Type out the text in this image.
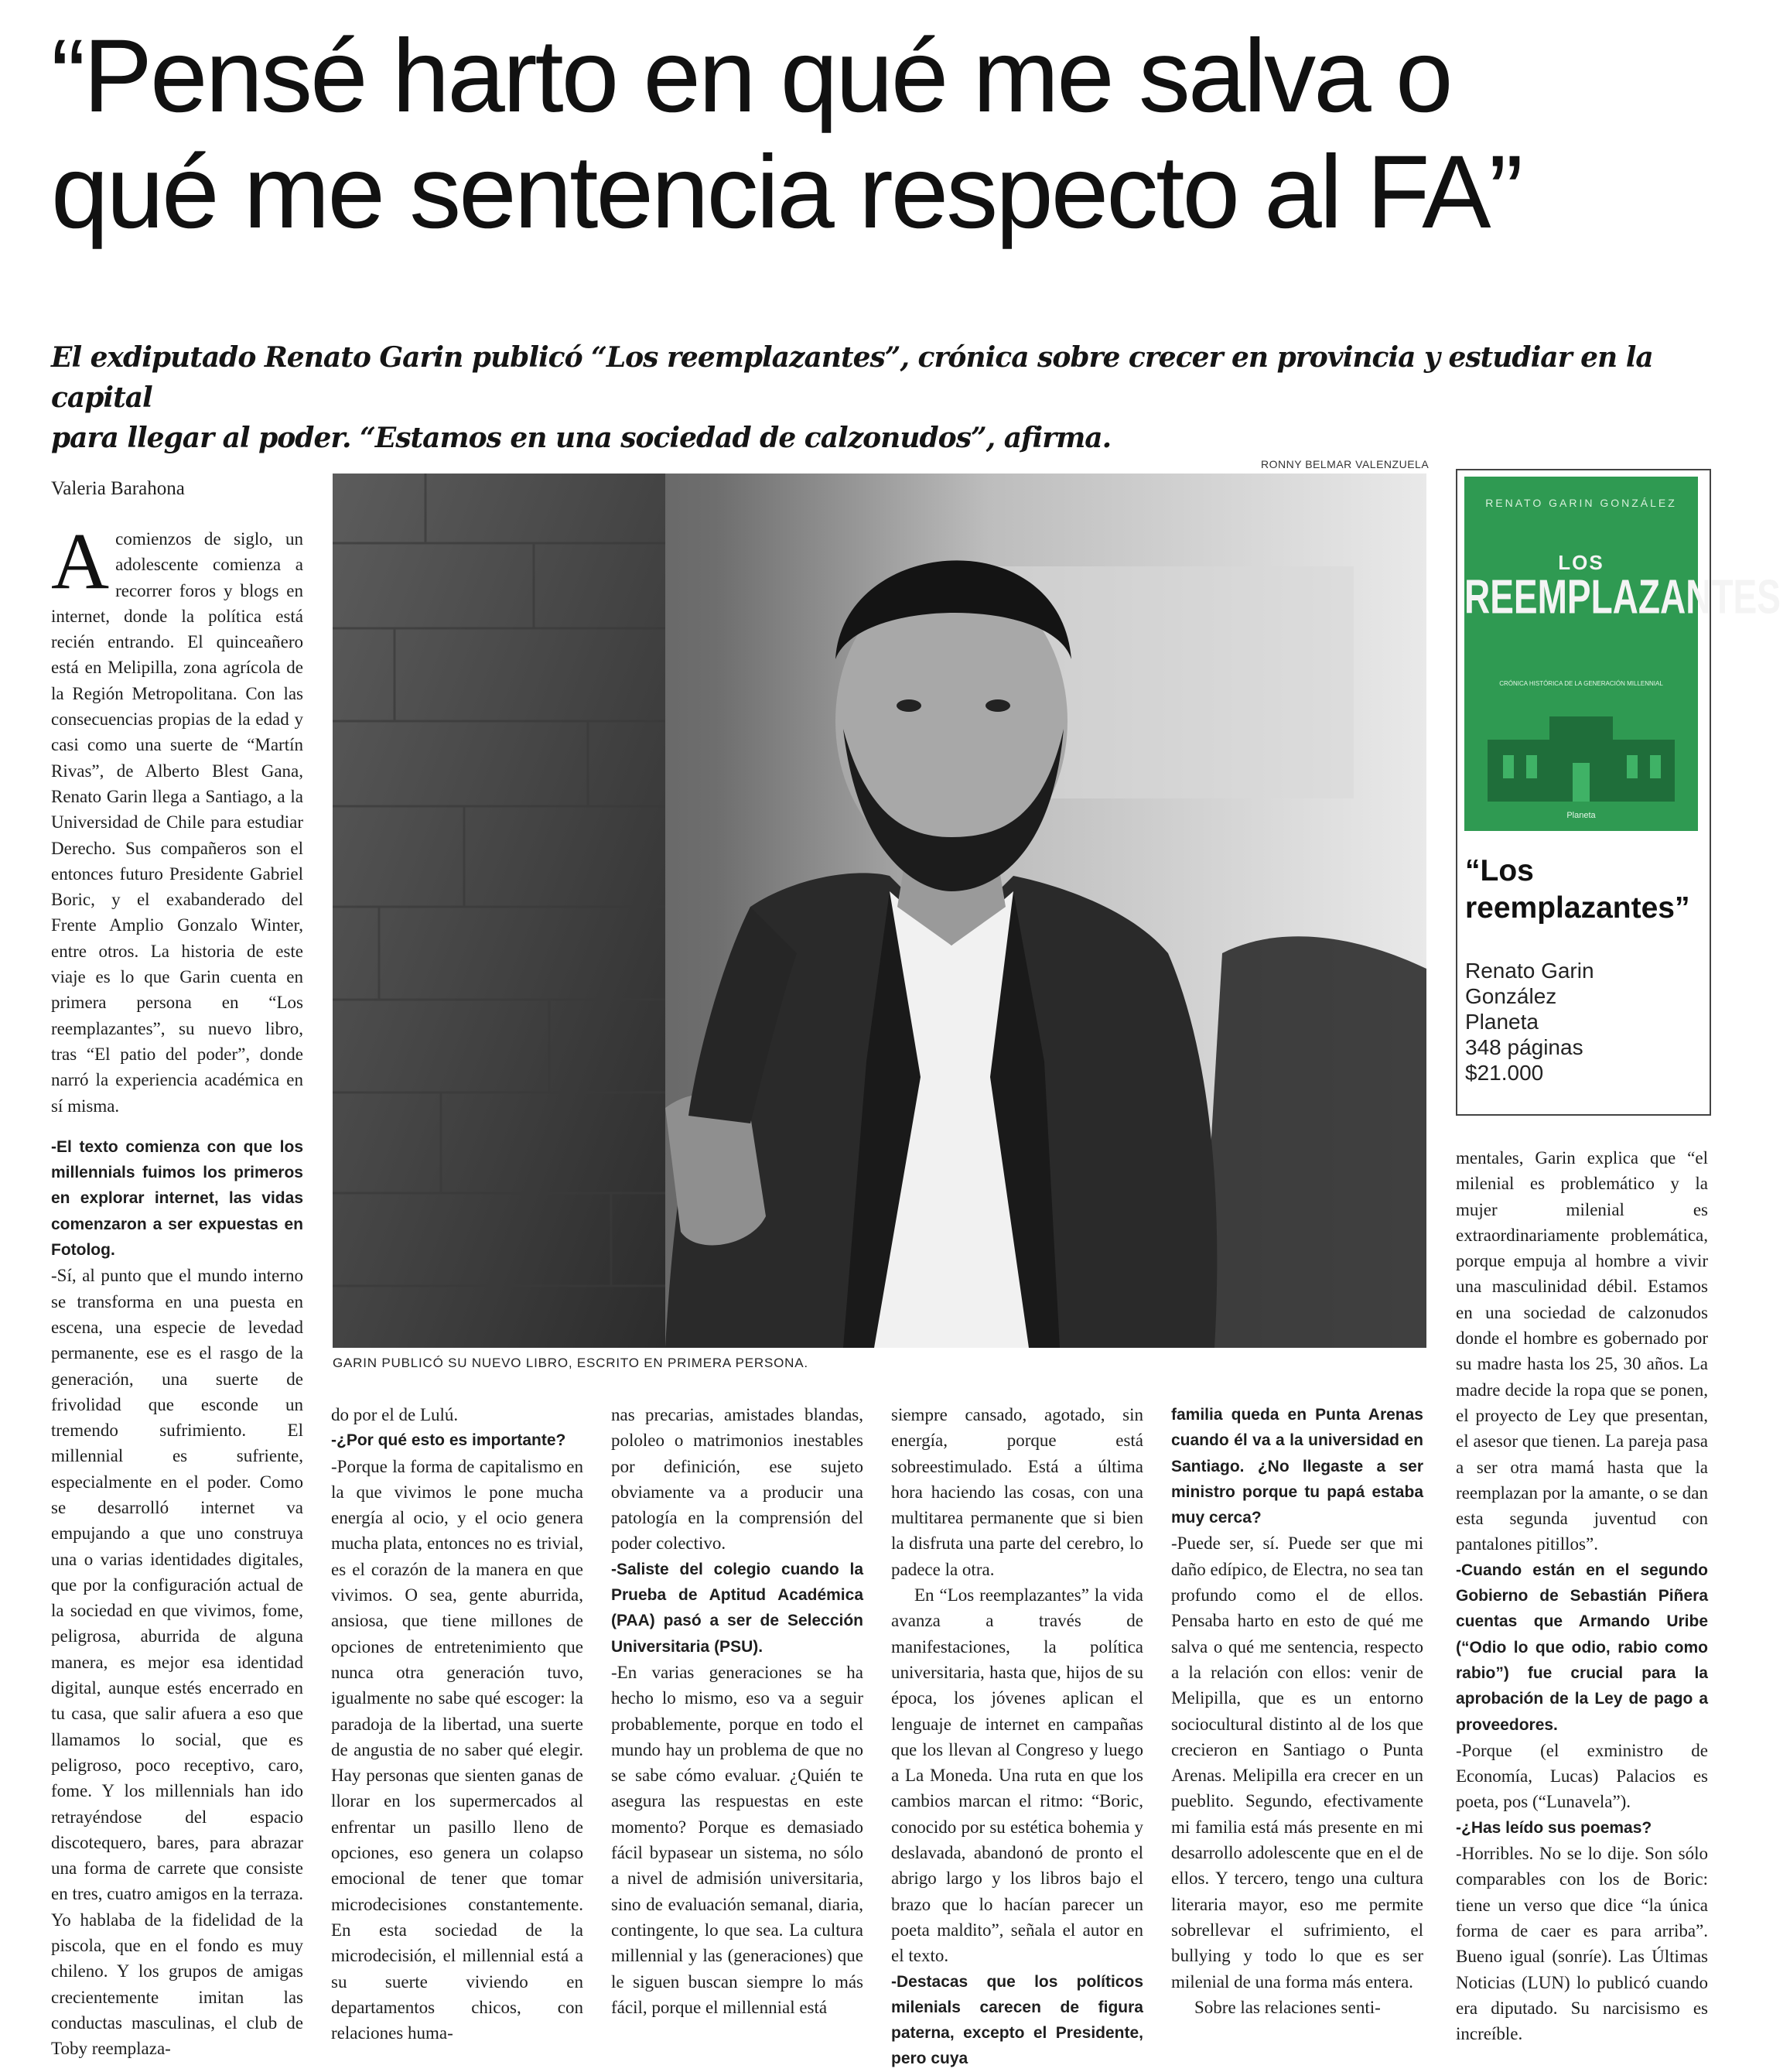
“Pensé harto en qué me salva o
qué me sentencia respecto al FA”
El exdiputado Renato Garin publicó “Los reemplazantes”, crónica sobre crecer en provincia y estudiar en la capital
para llegar al poder. “Estamos en una sociedad de calzonudos”, afirma.
Valeria Barahona
RONNY BELMAR VALENZUELA
GARIN PUBLICÓ SU NUEVO LIBRO, ESCRITO EN PRIMERA PERSONA.
RENATO GARIN GONZÁLEZ
LOS
REEMPLAZANTES
CRÓNICA HISTÓRICA DE LA GENERACIÓN MILLENNIAL
Planeta
“Los
reemplazantes”
Renato Garin
González
Planeta
348 páginas
$21.000
A comienzos de siglo, un adolescente comienza a recorrer foros y blogs en internet, donde la política está recién entrando. El quinceañero está en Melipilla, zona agrícola de la Región Metropolitana. Con las consecuencias propias de la edad y casi como una suerte de “Martín Rivas”, de Alberto Blest Gana, Renato Garin llega a Santiago, a la Universidad de Chile para estudiar Derecho. Sus compañeros son el entonces futuro Presidente Gabriel Boric, y el exabanderado del Frente Amplio Gonzalo Winter, entre otros. La historia de este viaje es lo que Garin cuenta en primera persona en “Los reemplazantes”, su nuevo libro, tras “El patio del poder”, donde narró la experiencia académica en sí misma.

-El texto comienza con que los millennials fuimos los primeros en explorar internet, las vidas comenzaron a ser expuestas en Fotolog.

-Sí, al punto que el mundo interno se transforma en una puesta en escena, una especie de levedad permanente, ese es el rasgo de la generación, una suerte de frivolidad que esconde un tremendo sufrimiento. El millennial es sufriente, especialmente en el poder. Como se desarrolló internet va empujando a que uno construya una o varias identidades digitales, que por la configuración actual de la sociedad en que vivimos, fome, peligrosa, aburrida de alguna manera, es mejor esa identidad digital, aunque estés encerrado en tu casa, que salir afuera a eso que llamamos lo social, que es peligroso, poco receptivo, caro, fome. Y los millennials han ido retrayéndose del espacio discotequero, bares, para abrazar una forma de carrete que consiste en tres, cuatro amigos en la terraza. Yo hablaba de la fidelidad de la piscola, que en el fondo es muy chileno. Y los grupos de amigas crecientemente imitan las conductas masculinas, el club de Toby reemplaza-

do por el de Lulú.

-¿Por qué esto es importante?

-Porque la forma de capitalismo en la que vivimos le pone mucha energía al ocio, y el ocio genera mucha plata, entonces no es trivial, es el corazón de la manera en que vivimos. O sea, gente aburrida, ansiosa, que tiene millones de opciones de entretenimiento que nunca otra generación tuvo, igualmente no sabe qué escoger: la paradoja de la libertad, una suerte de angustia de no saber qué elegir. Hay personas que sienten ganas de llorar en los supermercados al enfrentar un pasillo lleno de opciones, eso genera un colapso emocional de tener que tomar microdecisiones constantemente. En esta sociedad de la microdecisión, el millennial está a su suerte viviendo en departamentos chicos, con relaciones huma-

nas precarias, amistades blandas, pololeo o matrimonios inestables por definición, ese sujeto obviamente va a producir una patología en la comprensión del poder colectivo.

-Saliste del colegio cuando la Prueba de Aptitud Académica (PAA) pasó a ser de Selección Universitaria (PSU).

-En varias generaciones se ha hecho lo mismo, eso va a seguir probablemente, porque en todo el mundo hay un problema de que no se sabe cómo evaluar. ¿Quién te asegura las respuestas en este momento? Porque es demasiado fácil bypasear un sistema, no sólo a nivel de admisión universitaria, sino de evaluación semanal, diaria, contingente, lo que sea. La cultura millennial y las (generaciones) que le siguen buscan siempre lo más fácil, porque el millennial está

siempre cansado, agotado, sin energía, porque está sobreestimulado. Está a última hora haciendo las cosas, con una multitarea permanente que si bien la disfruta una parte del cerebro, lo padece la otra.

En “Los reemplazantes” la vida avanza a través de manifestaciones, la política universitaria, hasta que, hijos de su época, los jóvenes aplican el lenguaje de internet en campañas que los llevan al Congreso y luego a La Moneda. Una ruta en que los cambios marcan el ritmo: “Boric, conocido por su estética bohemia y deslavada, abandonó de pronto el abrigo largo y los libros bajo el brazo que lo hacían parecer un poeta maldito”, señala el autor en el texto.

-Destacas que los políticos milenials carecen de figura paterna, excepto el Presidente, pero cuya

familia queda en Punta Arenas cuando él va a la universidad en Santiago. ¿No llegaste a ser ministro porque tu papá estaba muy cerca?

-Puede ser, sí. Puede ser que mi daño edípico, de Electra, no sea tan profundo como el de ellos. Pensaba harto en esto de qué me salva o qué me sentencia, respecto a la relación con ellos: venir de Melipilla, que es un entorno sociocultural distinto al de los que crecieron en Santiago o Punta Arenas. Melipilla era crecer en un pueblito. Segundo, efectivamente mi familia está más presente en mi desarrollo adolescente que en el de ellos. Y tercero, tengo una cultura literaria mayor, eso me permite sobrellevar el sufrimiento, el bullying y todo lo que es ser milenial de una forma más entera.

Sobre las relaciones senti-

mentales, Garin explica que “el milenial es problemático y la mujer milenial es extraordinariamente problemática, porque empuja al hombre a vivir una masculinidad débil. Estamos en una sociedad de calzonudos donde el hombre es gobernado por su madre hasta los 25, 30 años. La madre decide la ropa que se ponen, el proyecto de Ley que presentan, el asesor que tienen. La pareja pasa a ser otra mamá hasta que la reemplazan por la amante, o se dan esta segunda juventud con pantalones pitillos”.

-Cuando están en el segundo Gobierno de Sebastián Piñera cuentas que Armando Uribe (“Odio lo que odio, rabio como rabio”) fue crucial para la aprobación de la Ley de pago a proveedores.

-Porque (el exministro de Economía, Lucas) Palacios es poeta, pos (“Lunavela”).

-¿Has leído sus poemas?

-Horribles. No se lo dije. Son sólo comparables con los de Boric: tiene un verso que dice “la única forma de caer es para arriba”. Bueno igual (sonríe). Las Últimas Noticias (LUN) lo publicó cuando era diputado. Su narcisismo es increíble.
